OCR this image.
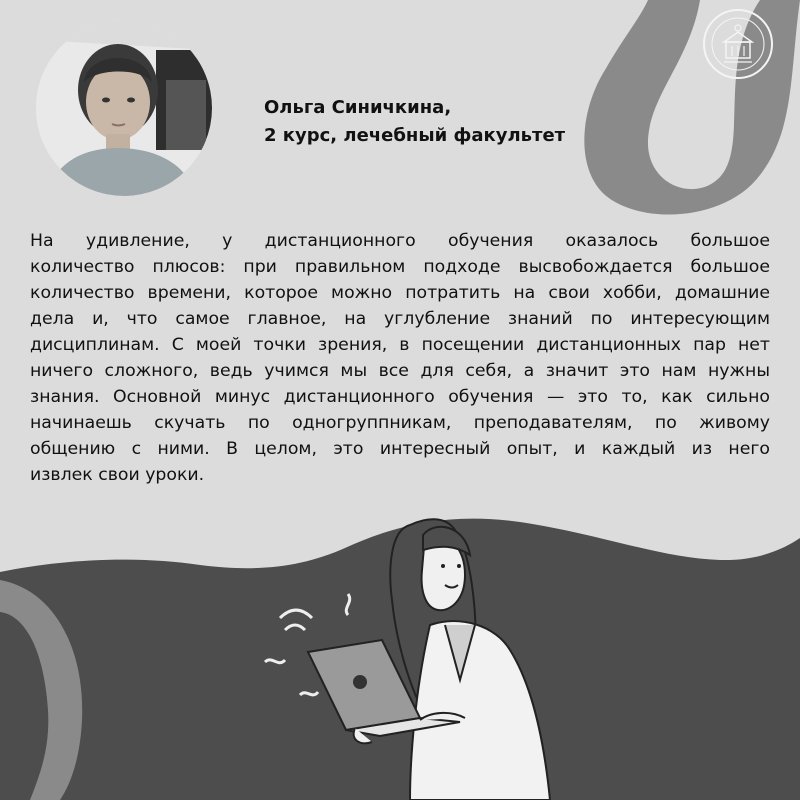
Ольга Синичкина,
2 курс, лечебный факультет
На удивление, у дистанционного обучения оказалось большое
количество плюсов: при правильном подходе высвобождается большое
количество времени, которое можно потратить на свои хобби, домашние
дела и, что самое главное, на углубление знаний по интересующим
дисциплинам. С моей точки зрения, в посещении дистанционных пар нет
ничего сложного, ведь учимся мы все для себя, а значит это нам нужны
знания. Основной минус дистанционного обучения — это то, как сильно
начинаешь скучать по одногруппникам, преподавателям, по живому
общению с ними. В целом, это интересный опыт, и каждый из него
извлек свои уроки.
